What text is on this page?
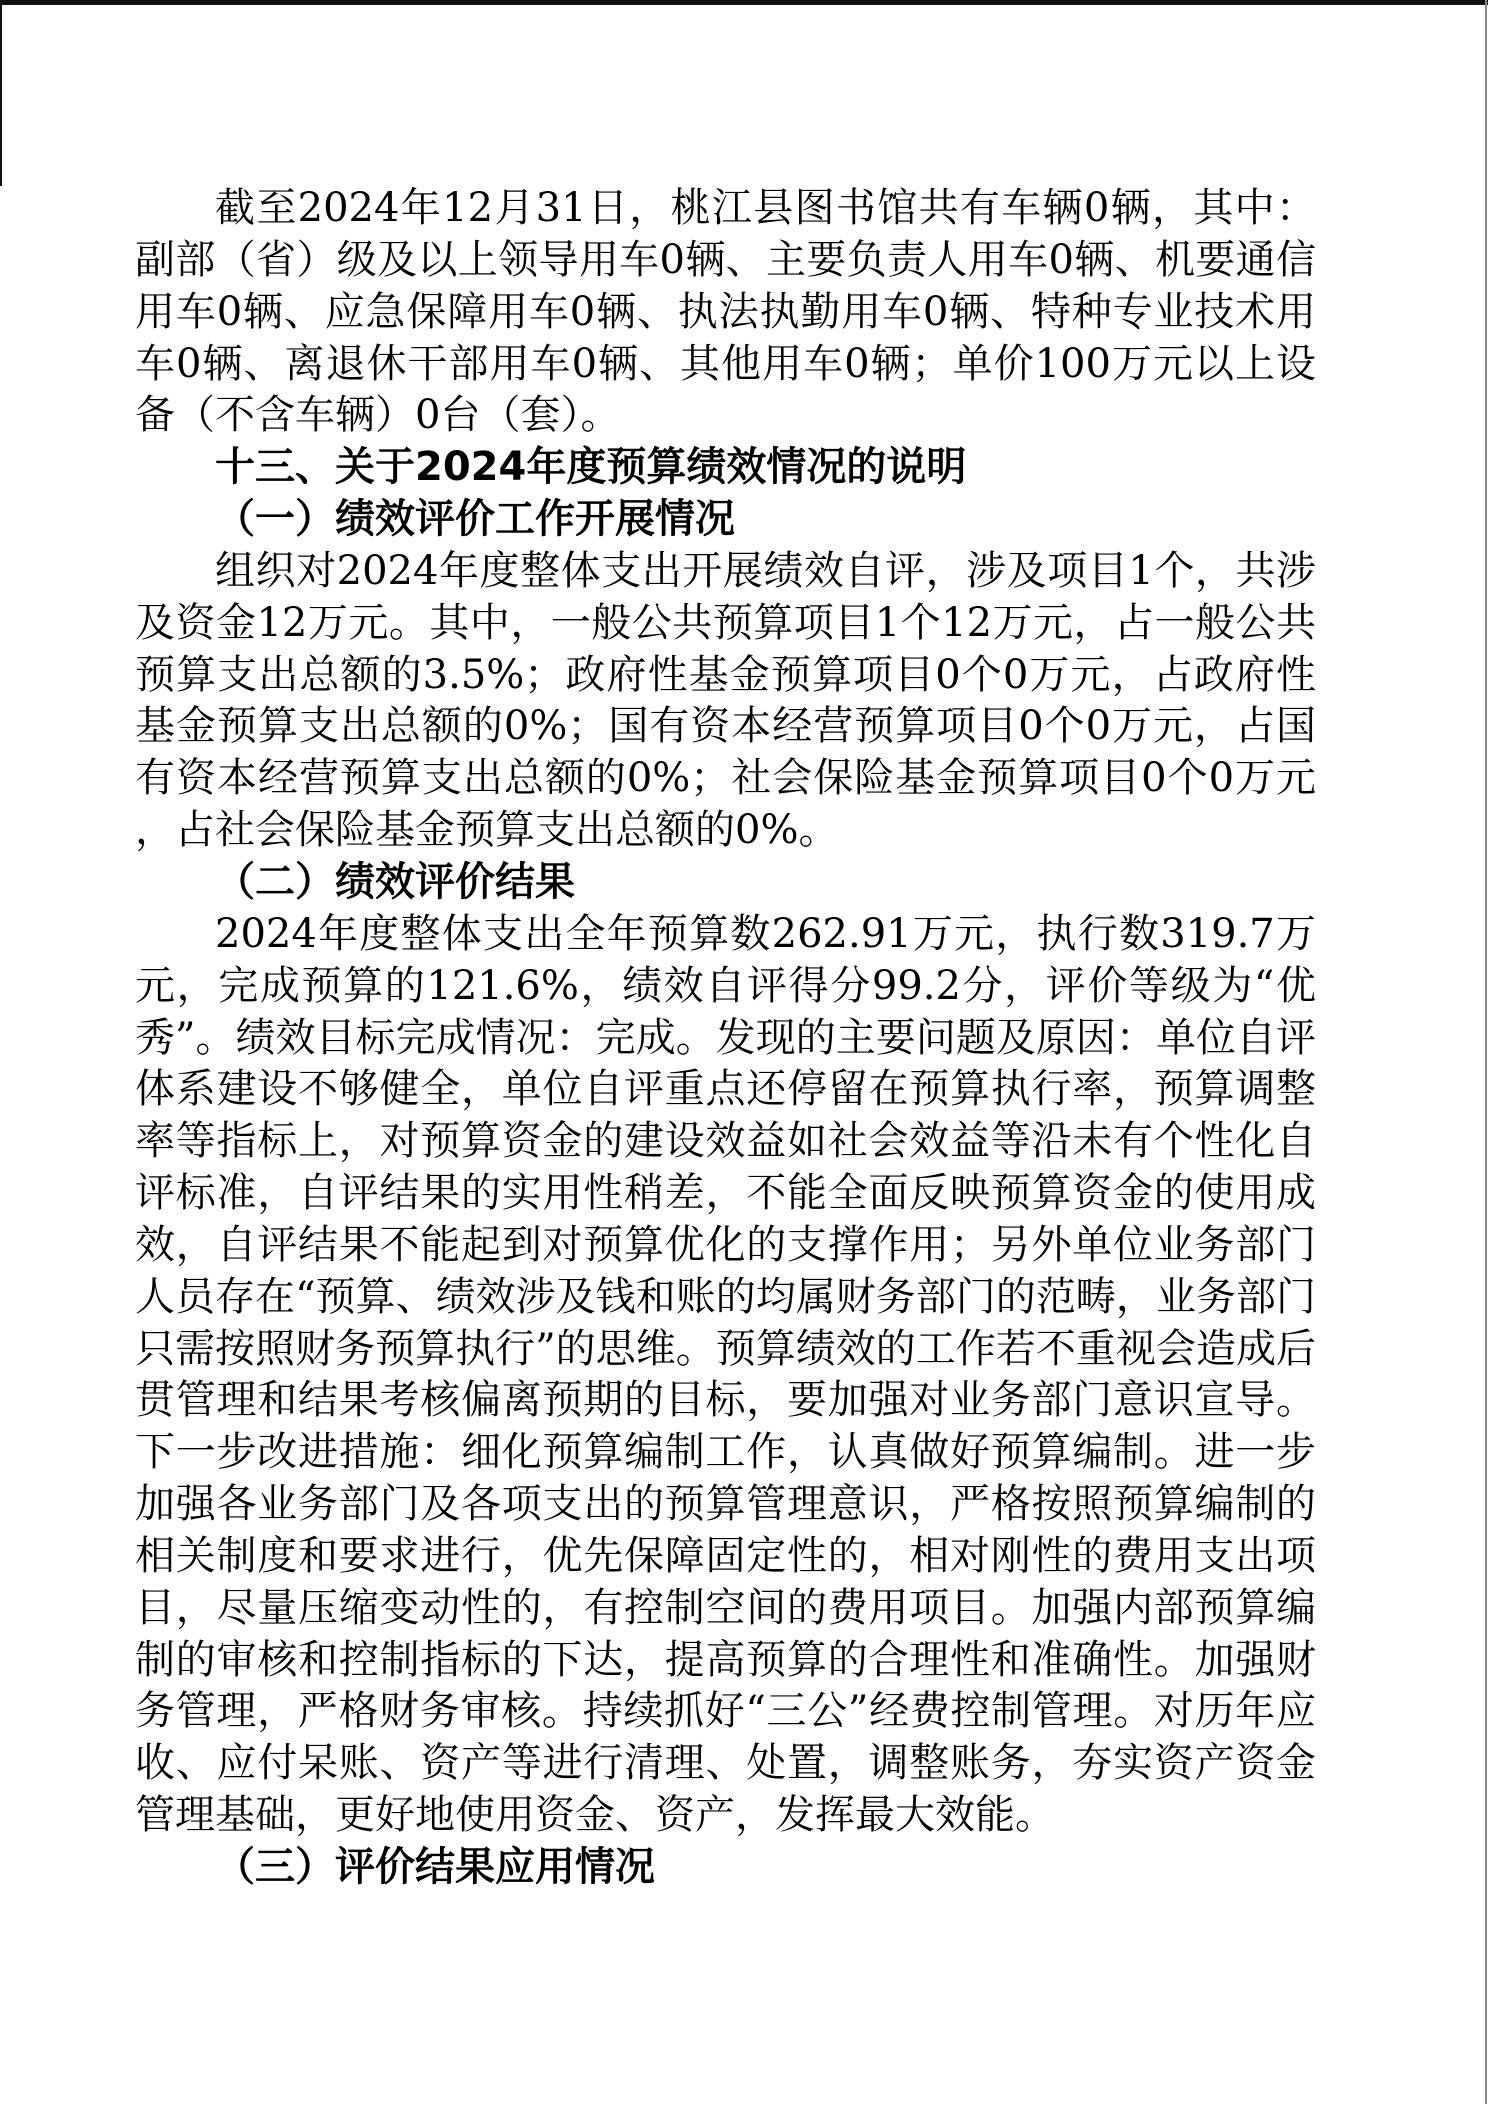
截至2024年12月31日，桃江县图书馆共有车辆0辆，其中：副部（省）级及以上领导用车0辆、主要负责人用车0辆、机要通信用车0辆、应急保障用车0辆、执法执勤用车0辆、特种专业技术用车0辆、离退休干部用车0辆、其他用车0辆；单价100万元以上设备（不含车辆）0台（套）。

十三、关于2024年度预算绩效情况的说明

（一）绩效评价工作开展情况

组织对2024年度整体支出开展绩效自评，涉及项目1个，共涉及资金12万元。其中，一般公共预算项目1个12万元，占一般公共预算支出总额的3.5%；政府性基金预算项目0个0万元，占政府性基金预算支出总额的0%；国有资本经营预算项目0个0万元，占国有资本经营预算支出总额的0%；社会保险基金预算项目0个0万元，占社会保险基金预算支出总额的0%。

（二）绩效评价结果

2024年度整体支出全年预算数262.91万元，执行数319.7万元，完成预算的121.6%，绩效自评得分99.2分，评价等级为“优秀”。绩效目标完成情况：完成。发现的主要问题及原因：单位自评体系建设不够健全，单位自评重点还停留在预算执行率，预算调整率等指标上，对预算资金的建设效益如社会效益等沿未有个性化自评标准，自评结果的实用性稍差，不能全面反映预算资金的使用成效，自评结果不能起到对预算优化的支撑作用；另外单位业务部门人员存在“预算、绩效涉及钱和账的均属财务部门的范畴，业务部门只需按照财务预算执行”的思维。预算绩效的工作若不重视会造成后贯管理和结果考核偏离预期的目标，要加强对业务部门意识宣导。下一步改进措施：细化预算编制工作，认真做好预算编制。进一步加强各业务部门及各项支出的预算管理意识，严格按照预算编制的相关制度和要求进行，优先保障固定性的，相对刚性的费用支出项目，尽量压缩变动性的，有控制空间的费用项目。加强内部预算编制的审核和控制指标的下达，提高预算的合理性和准确性。加强财务管理，严格财务审核。持续抓好“三公”经费控制管理。对历年应收、应付呆账、资产等进行清理、处置，调整账务，夯实资产资金管理基础，更好地使用资金、资产，发挥最大效能。

（三）评价结果应用情况
